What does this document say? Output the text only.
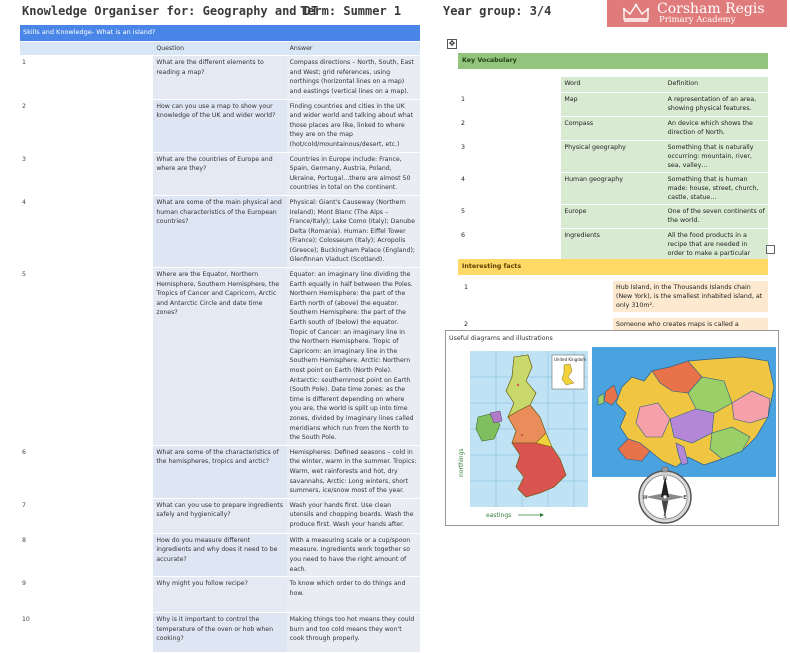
Knowledge Organiser for: Geography and DT
Term: Summer 1	Year group: 3/4	Corsham Regis
Primary Academy
Skills and Knowledge- What is an island?		
	Question	Answer
1	What are the different elements to reading a map?	Compass directions – North, South, East and West; grid references, using northings (horizontal lines on a map) and eastings (vertical lines on a map).
2	How can you use a map to show your knowledge of the UK and wider world?	Finding countries and cities in the UK and wider world and talking about what those places are like, linked to where they are on the map (hot/cold/mountainous/desert, etc.)
3	What are the countries of Europe and where are they?	Countries in Europe include: France, Spain, Germany, Austria, Poland, Ukraine, Portugal…there are almost 50 countries in total on the continent.
4	What are some of the main physical and human characteristics of the European countries?	Physical: Giant's Causeway (Northern Ireland); Mont Blanc (The Alps – France/Italy); Lake Como (Italy); Danube Delta (Romania). Human: Eiffel Tower (France); Colosseum (Italy); Acropolis (Greece); Buckingham Palace (England); Glenfinnan Viaduct (Scotland).
5	Where are the Equator, Northern Hemisphere, Southern Hemisphere, the Tropics of Cancer and Capricorn, Arctic and Antarctic Circle and date time zones?	Equator: an imaginary line dividing the Earth equally in half between the Poles. Northern Hemisphere: the part of the Earth north of (above) the equator. Southern Hemisphere: the part of the Earth south of (below) the equator. Tropic of Cancer: an imaginary line in the Northern Hemisphere. Tropic of Capricorn: an imaginary line in the Southern Hemisphere. Arctic: Northern most point on Earth (North Pole). Antarctic: southernmost point on Earth (South Pole). Date time zones: as the time is different depending on where you are, the world is split up into time zones, divided by imaginary lines called meridians which run from the North to the South Pole.
6	What are some of the characteristics of the hemispheres, tropics and arctic?	Hemispheres: Defined seasons – cold in the winter, warm in the summer. Tropics: Warm, wet rainforests and hot, dry savannahs, Arctic: Long winters, short summers, ice/snow most of the year.
7	What can you use to prepare ingredients safely and hygienically?	Wash your hands first. Use clean utensils and chopping boards. Wash the produce first. Wash your hands after.
8	How do you measure different ingredients and why does it need to be accurate?	With a measuring scale or a cup/spoon measure. Ingredients work together so you need to have the right amount of each.
9	Why might you follow recipe?	To know which order to do things and how.
10	Why is it important to control the temperature of the oven or hob when cooking?	Making things too hot means they could burn and too cold means they won't cook through properly.
✥
Key Vocabulary		

	Word	Definition
1	Map	A representation of an area, showing physical features.
2	Compass	An device which shows the direction of North.
3	Physical geography	Something that is naturally occurring: mountain, river, sea, valley…
4	Human geography	Something that is human made: house, street, church, castle, statue…
5	Europe	One of the seven continents of the world.
6	Ingredients	All the food products in a recipe that are needed in order to make a particular
Interesting facts	

1	Hub Island, in the Thousands Islands chain (New York), is the smallest inhabited island, at only 310m².

2	Someone who creates maps is called a
Useful diagrams and illustrations
United Kingdom
northings
eastings
N
S
E
W
